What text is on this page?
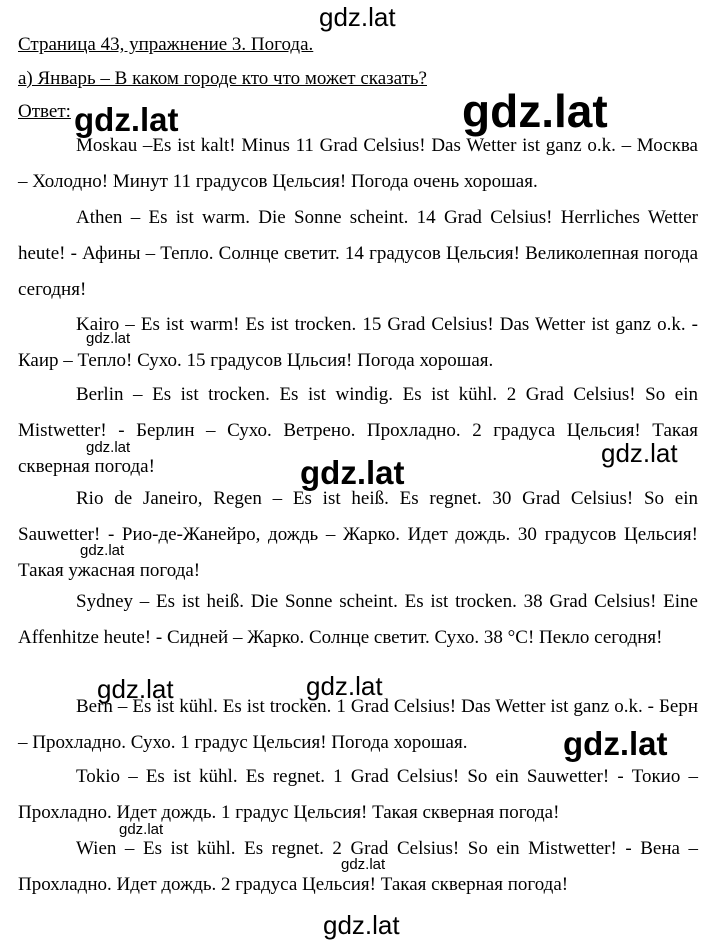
Страница 43, упражнение 3. Погода.
а) Январь – В каком городе кто что может сказать?
Ответ:
Moskau –Es ist kalt! Minus 11 Grad Celsius! Das Wetter ist ganz o.k. – Москва – Холодно! Минут 11 градусов Цельсия! Погода очень хорошая.
Athen – Es ist warm. Die Sonne scheint. 14 Grad Celsius! Herrliches Wetter heute! - Афины – Тепло. Солнце светит. 14 градусов Цельсия! Великолепная погода сегодня!
Kairo – Es ist warm! Es ist trocken. 15 Grad Celsius! Das Wetter ist ganz o.k. - Каир – Тепло! Сухо. 15 градусов Цльсия! Погода хорошая.
Berlin – Es ist trocken. Es ist windig. Es ist kühl. 2 Grad Celsius! So ein Mistwetter! - Берлин – Сухо. Ветрено. Прохладно. 2 градуса Цельсия! Такая скверная погода!
Rio de Janeiro, Regen – Es ist heiß. Es regnet. 30 Grad Celsius! So ein Sauwetter! - Рио-де-Жанейро, дождь – Жарко. Идет дождь. 30 градусов Цельсия! Такая ужасная погода!
Sydney – Es ist heiß. Die Sonne scheint. Es ist trocken. 38 Grad Celsius! Eine Affenhitze heute! - Сидней – Жарко. Солнце светит. Сухо. 38 °C! Пекло сегодня!
Bern – Es ist kühl. Es ist trocken. 1 Grad Celsius! Das Wetter ist ganz o.k. - Берн – Прохладно. Сухо. 1 градус Цельсия! Погода хорошая.
Tokio – Es ist kühl. Es regnet. 1 Grad Celsius! So ein Sauwetter! - Токио – Прохладно. Идет дождь. 1 градус Цельсия! Такая скверная погода!
Wien – Es ist kühl. Es regnet. 2 Grad Celsius! So ein Mistwetter! - Вена – Прохладно. Идет дождь. 2 градуса Цельсия! Такая скверная погода!
gdz.lat
gdz.lat	gdz.lat
gdz.lat
gdz.lat	gdz.lat
gdz.lat
gdz.lat
gdz.lat	gdz.lat
gdz.lat
gdz.lat
gdz.lat
gdz.lat
